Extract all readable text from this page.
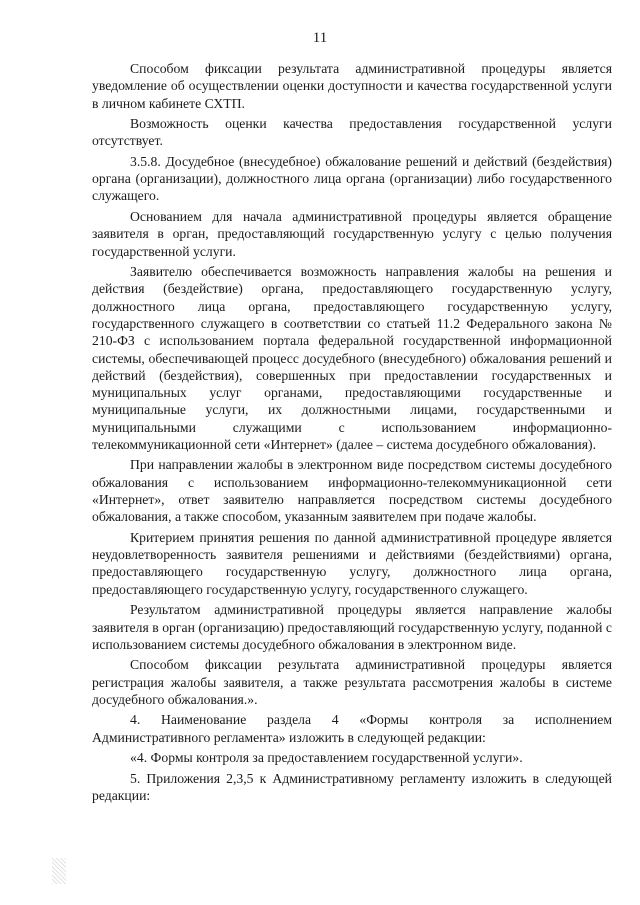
11

Способом фиксации результата административной процедуры является уведомление об осуществлении оценки доступности и качества государственной услуги в личном кабинете СХТП.

Возможность оценки качества предоставления государственной услуги отсутствует.

3.5.8. Досудебное (внесудебное) обжалование решений и действий (бездействия) органа (организации), должностного лица органа (организации) либо государственного служащего.

Основанием для начала административной процедуры является обращение заявителя в орган, предоставляющий государственную услугу с целью получения государственной услуги.

Заявителю обеспечивается возможность направления жалобы на решения и действия (бездействие) органа, предоставляющего государственную услугу, должностного лица органа, предоставляющего государственную услугу, государственного служащего в соответствии со статьей 11.2 Федерального закона № 210-ФЗ с использованием портала федеральной государственной информационной системы, обеспечивающей процесс досудебного (внесудебного) обжалования решений и действий (бездействия), совершенных при предоставлении государственных и муниципальных услуг органами, предоставляющими государственные и муниципальные услуги, их должностными лицами, государственными и муниципальными служащими с использованием информационно-телекоммуникационной сети «Интернет» (далее – система досудебного обжалования).

При направлении жалобы в электронном виде посредством системы досудебного обжалования с использованием информационно-телекоммуникационной сети «Интернет», ответ заявителю направляется посредством системы досудебного обжалования, а также способом, указанным заявителем при подаче жалобы.

Критерием принятия решения по данной административной процедуре является неудовлетворенность заявителя решениями и действиями (бездействиями) органа, предоставляющего государственную услугу, должностного лица органа, предоставляющего государственную услугу, государственного служащего.

Результатом административной процедуры является направление жалобы заявителя в орган (организацию) предоставляющий государственную услугу, поданной с использованием системы досудебного обжалования в электронном виде.

Способом фиксации результата административной процедуры является регистрация жалобы заявителя, а также результата рассмотрения жалобы в системе досудебного обжалования.».

4. Наименование раздела 4 «Формы контроля за исполнением Административного регламента» изложить в следующей редакции:

«4. Формы контроля за предоставлением государственной услуги».

5. Приложения 2,3,5 к Административному регламенту изложить в следующей редакции:
